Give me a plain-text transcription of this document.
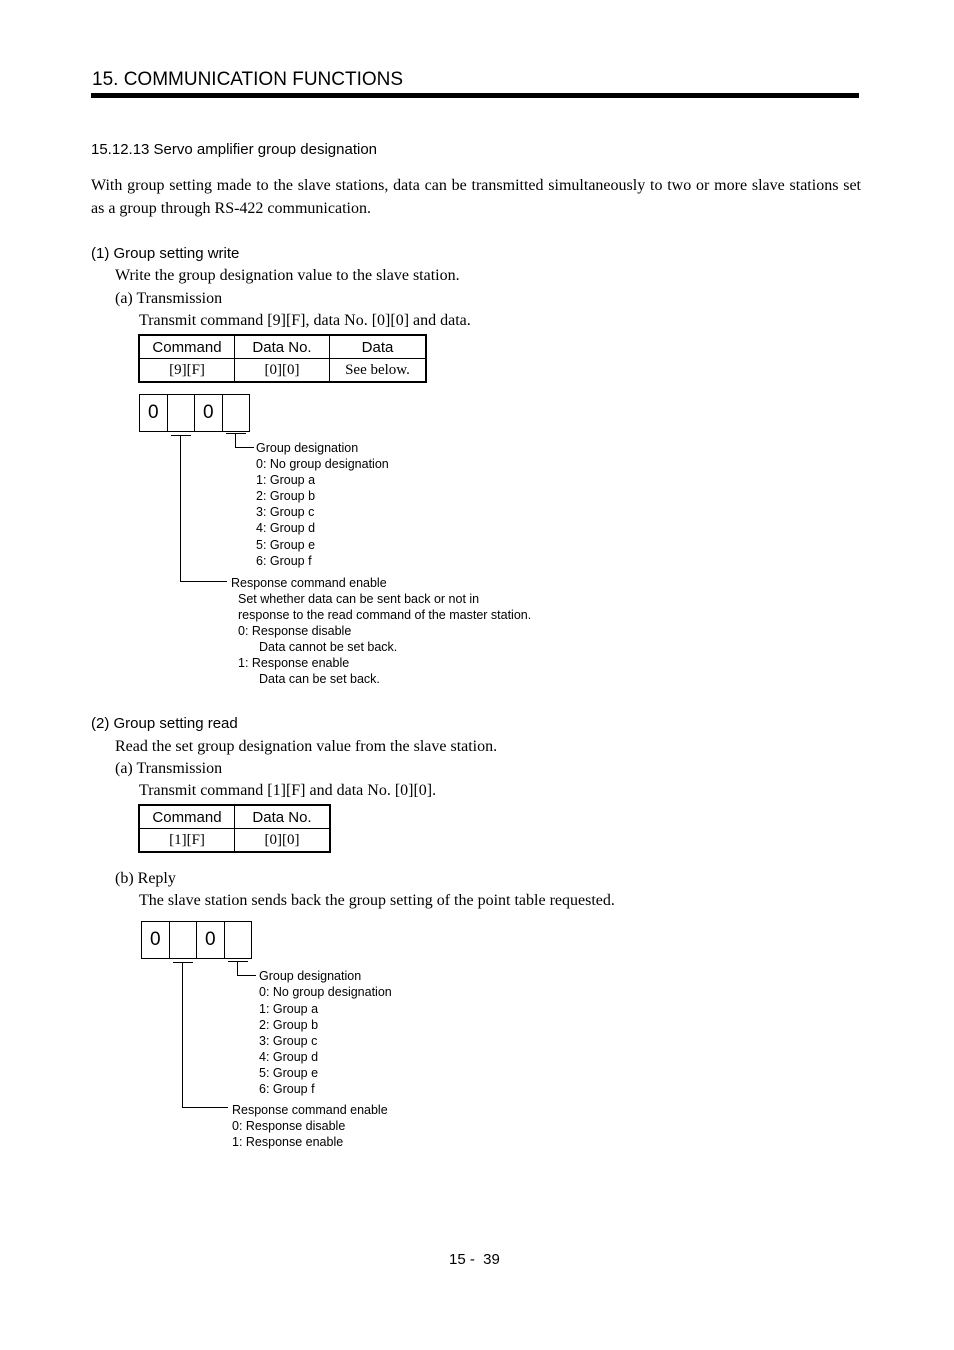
15. COMMUNICATION FUNCTIONS
15.12.13 Servo amplifier group designation
With group setting made to the slave stations, data can be transmitted simultaneously to two or more slave stations set as a group through RS-422 communication.
(1) Group setting write
Write the group designation value to the slave station.
(a) Transmission
Transmit command [9][F], data No. [0][0] and data.
Command	Data No.	Data
[9][F]	[0][0]	See below.
0	0
Group designation
0: No group designation
1: Group a
2: Group b
3: Group c
4: Group d
5: Group e
6: Group f
Response command enable
Set whether data can be sent back or not in
response to the read command of the master station.
0: Response disable
Data cannot be set back.
1: Response enable
Data can be set back.
(2) Group setting read
Read the set group designation value from the slave station.
(a) Transmission
Transmit command [1][F] and data No. [0][0].
Command	Data No.
[1][F]	[0][0]
(b) Reply
The slave station sends back the group setting of the point table requested.
0	0
Group designation
0: No group designation
1: Group a
2: Group b
3: Group c
4: Group d
5: Group e
6: Group f
Response command enable
0: Response disable
1: Response enable
15 -  39
